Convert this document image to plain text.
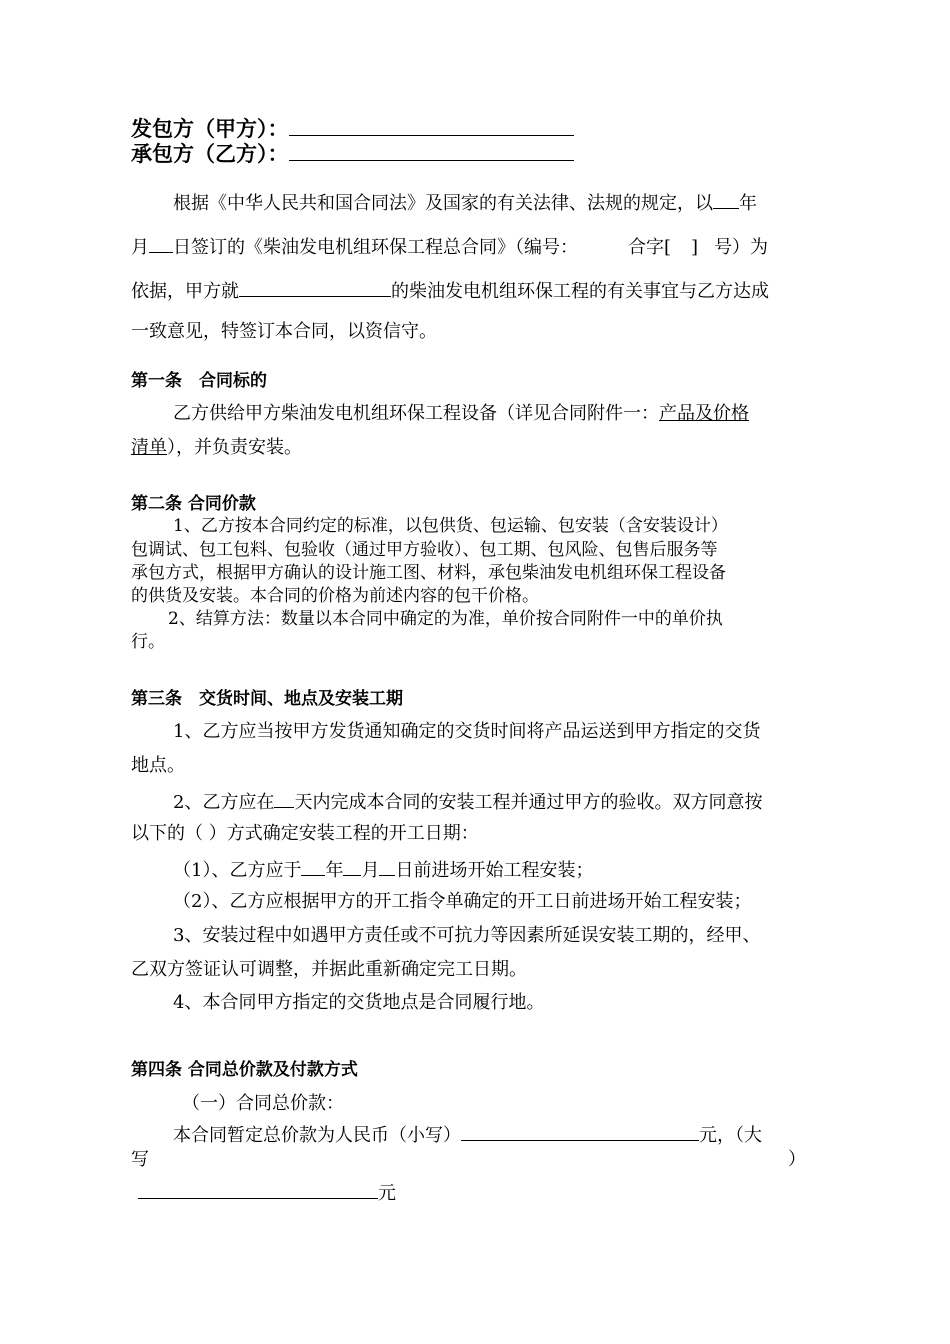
发包方（甲方）：
承包方（乙方）：
根据《中华人民共和国合同法》及国家的有关法律、法规的规定，以 年
月 日签订的《柴油发电机组环保工程总合同》（编号：	合字[ ] 号）为
依据，甲方就	的柴油发电机组环保工程的有关事宜与乙方达成
一致意见，特签订本合同，以资信守。
第一条　合同标的
乙方供给甲方柴油发电机组环保工程设备（详见合同附件一：产品及价格
清单），并负责安装。
第二条 合同价款
1、乙方按本合同约定的标准，以包供货、包运输、包安装（含安装设计）
包调试、包工包料、包验收（通过甲方验收）、包工期、包风险、包售后服务等
承包方式，根据甲方确认的设计施工图、材料，承包柴油发电机组环保工程设备
的供货及安装。本合同的价格为前述内容的包干价格。
2、结算方法：数量以本合同中确定的为准，单价按合同附件一中的单价执
行。
第三条　交货时间、地点及安装工期
1、乙方应当按甲方发货通知确定的交货时间将产品运送到甲方指定的交货
地点。
2、乙方应在 天内完成本合同的安装工程并通过甲方的验收。双方同意按
以下的（ ）方式确定安装工程的开工日期：
（1）、乙方应于 年 月 日前进场开始工程安装；
（2）、乙方应根据甲方的开工指令单确定的开工日前进场开始工程安装；
3、安装过程中如遇甲方责任或不可抗力等因素所延误安装工期的，经甲、
乙双方签证认可调整，并据此重新确定完工日期。
4、本合同甲方指定的交货地点是合同履行地。
第四条 合同总价款及付款方式
（一）合同总价款：
本合同暂定总价款为人民币（小写）	元，（大
写	）
元
